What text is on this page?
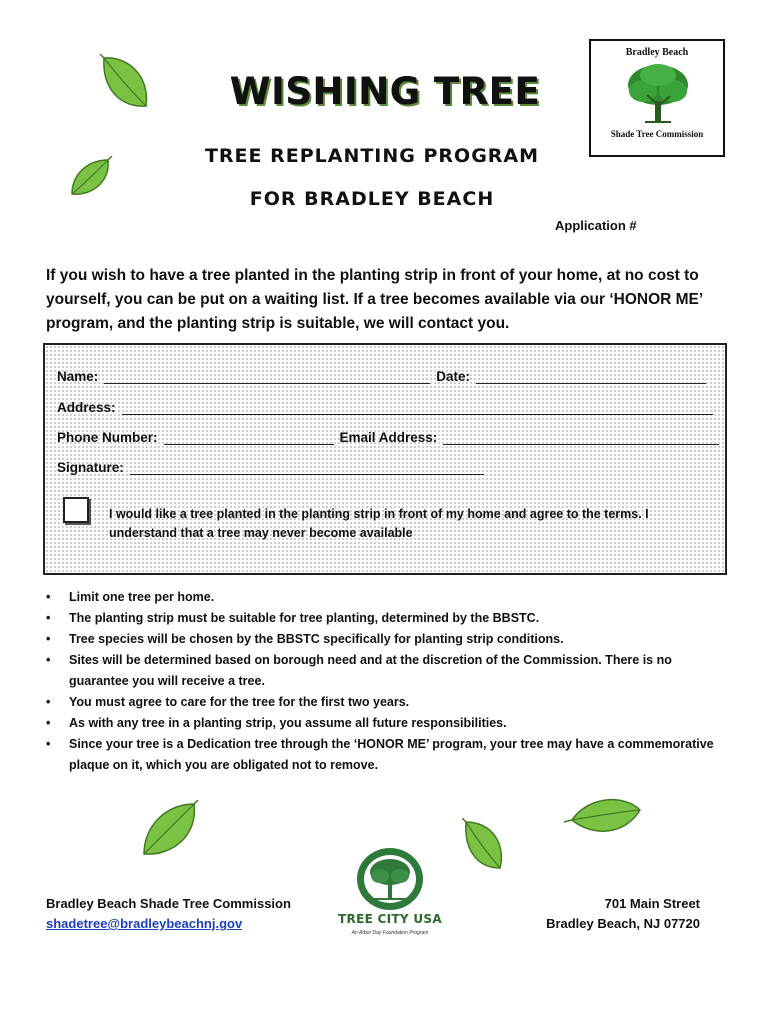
WISHING TREE
TREE REPLANTING PROGRAM
FOR BRADLEY BEACH
Application #
Bradley Beach
Shade Tree Commission
If you wish to have a tree planted in the planting strip in front of your home, at no cost to yourself, you can be put on a waiting list. If a tree becomes available via our ‘HONOR ME’ program, and the planting strip is suitable, we will contact you.
Name:	Date:
Address:
Phone Number:	Email Address:
Signature:
I would like a tree planted in the planting strip in front of my home and agree to the terms. I understand that a tree may never become available
• Limit one tree per home.
• The planting strip must be suitable for tree planting, determined by the BBSTC.
• Tree species will be chosen by the BBSTC specifically for planting strip conditions.
• Sites will be determined based on borough need and at the discretion of the Commission. There is no guarantee you will receive a tree.
• You must agree to care for the tree for the first two years.
• As with any tree in a planting strip, you assume all future responsibilities.
• Since your tree is a Dedication tree through the ‘HONOR ME’ program, your tree may have a commemorative plaque on it, which you are obligated not to remove.
Bradley Beach Shade Tree Commission
shadetree@bradleybeachnj.gov	TREE CITY USA
An Arbor Day Foundation Program
701 Main Street
Bradley Beach, NJ 07720
